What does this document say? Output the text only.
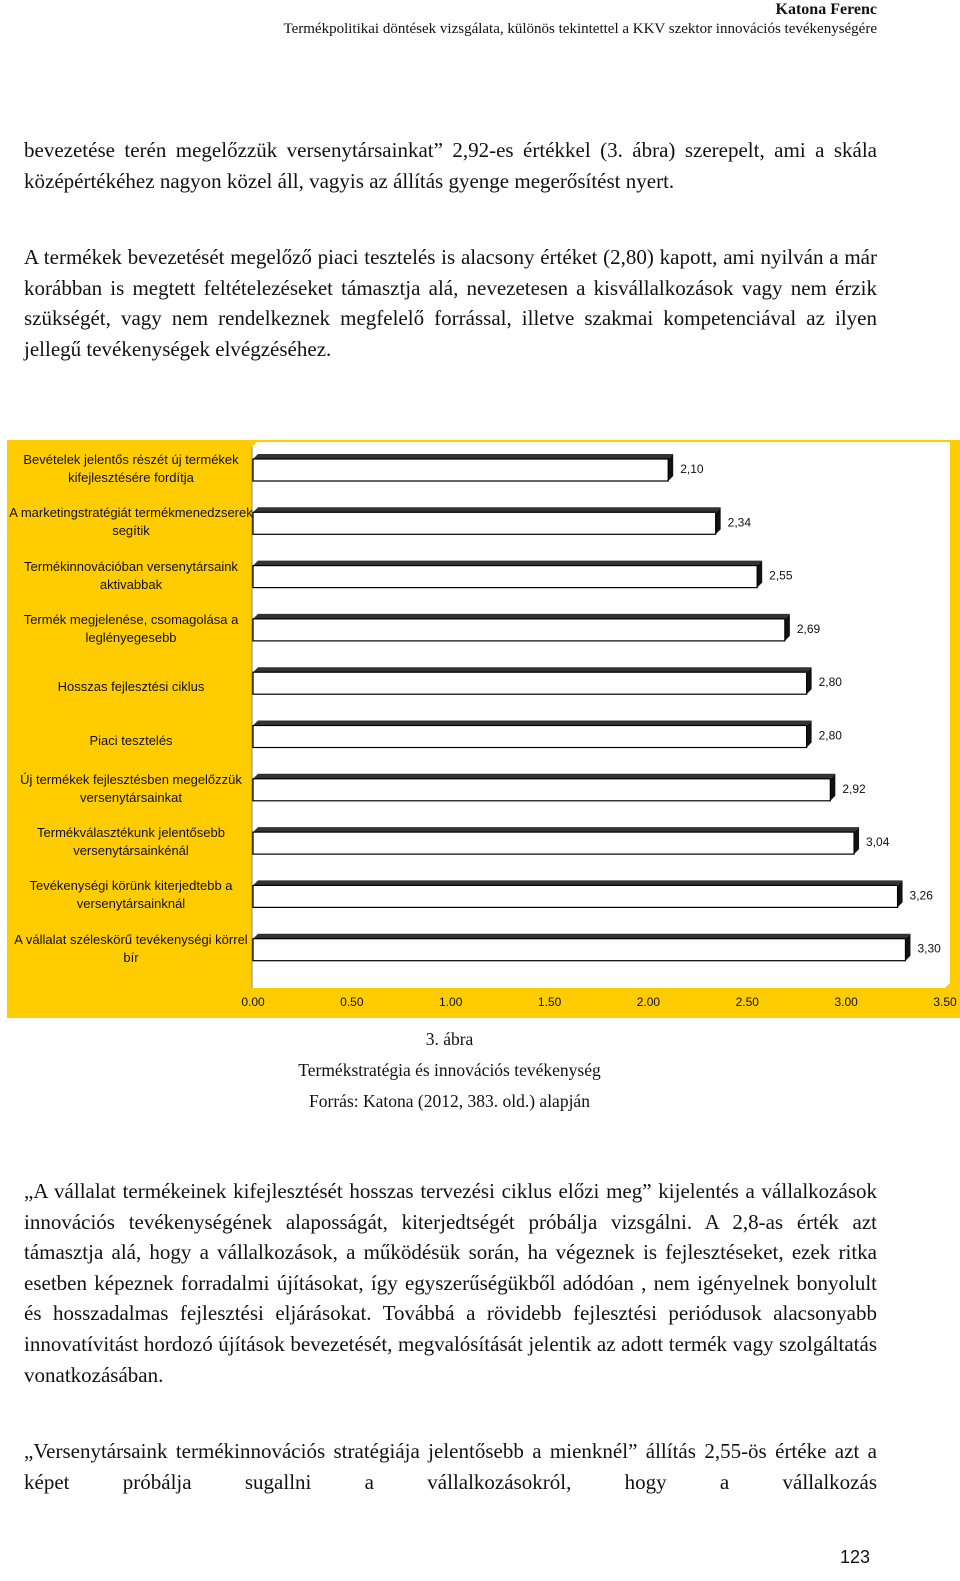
Katona Ferenc
Termékpolitikai döntések vizsgálata, különös tekintettel a KKV szektor innovációs tevékenységére

bevezetése terén megelőzzük versenytársainkat” 2,92-es értékkel (3. ábra) szerepelt, ami a skála középértékéhez nagyon közel áll, vagyis az állítás gyenge megerősítést nyert.

A termékek bevezetését megelőző piaci tesztelés is alacsony értéket (2,80) kapott, ami nyilván a már korábban is megtett feltételezéseket támasztja alá, nevezetesen a kisvállalkozások vagy nem érzik szükségét, vagy nem rendelkeznek megfelelő forrással, illetve szakmai kompetenciával az ilyen jellegű tevékenységek elvégzéséhez.

2,10
2,34
2,55
2,69
2,80
2,80
2,92
3,04
3,26
3,30
0.00	0.50	1.00	1.50	2.00	2.50	3.00	3.50
Bevételek jelentős részét új termékek kifejlesztésére fordítja
A marketingstratégiát termékmenedzserek segítik
Termékinnovációban versenytársaink aktivabbak
Termék megjelenése, csomagolása a leglényegesebb
Hosszas fejlesztési ciklus
Piaci tesztelés
Új termékek fejlesztésben megelőzzük versenytársainkat
Termékválasztékunk jelentősebb versenytársainkénál
Tevékenységi körünk kiterjedtebb a versenytársainknál
A vállalat széleskörű tevékenységi körrel bír
3. ábra
Termékstratégia és innovációs tevékenység
Forrás: Katona (2012, 383. old.) alapján

„A vállalat termékeinek kifejlesztését hosszas tervezési ciklus előzi meg” kijelentés a vállalkozások innovációs tevékenységének alaposságát, kiterjedtségét próbálja vizsgálni. A 2,8-as érték azt támasztja alá, hogy a vállalkozások, a működésük során, ha végeznek is fejlesztéseket, ezek ritka esetben képeznek forradalmi újításokat, így egyszerűségükből adódóan , nem igényelnek bonyolult és hosszadalmas fejlesztési eljárásokat. Továbbá a rövidebb fejlesztési periódusok alacsonyabb innovatívitást hordozó újítások bevezetését, megvalósítását jelentik az adott termék vagy szolgáltatás vonatkozásában.

„Versenytársaink termékinnovációs stratégiája jelentősebb a mienknél” állítás 2,55-ös értéke azt a képet próbálja sugallni a vállalkozásokról, hogy a vállalkozás

123
